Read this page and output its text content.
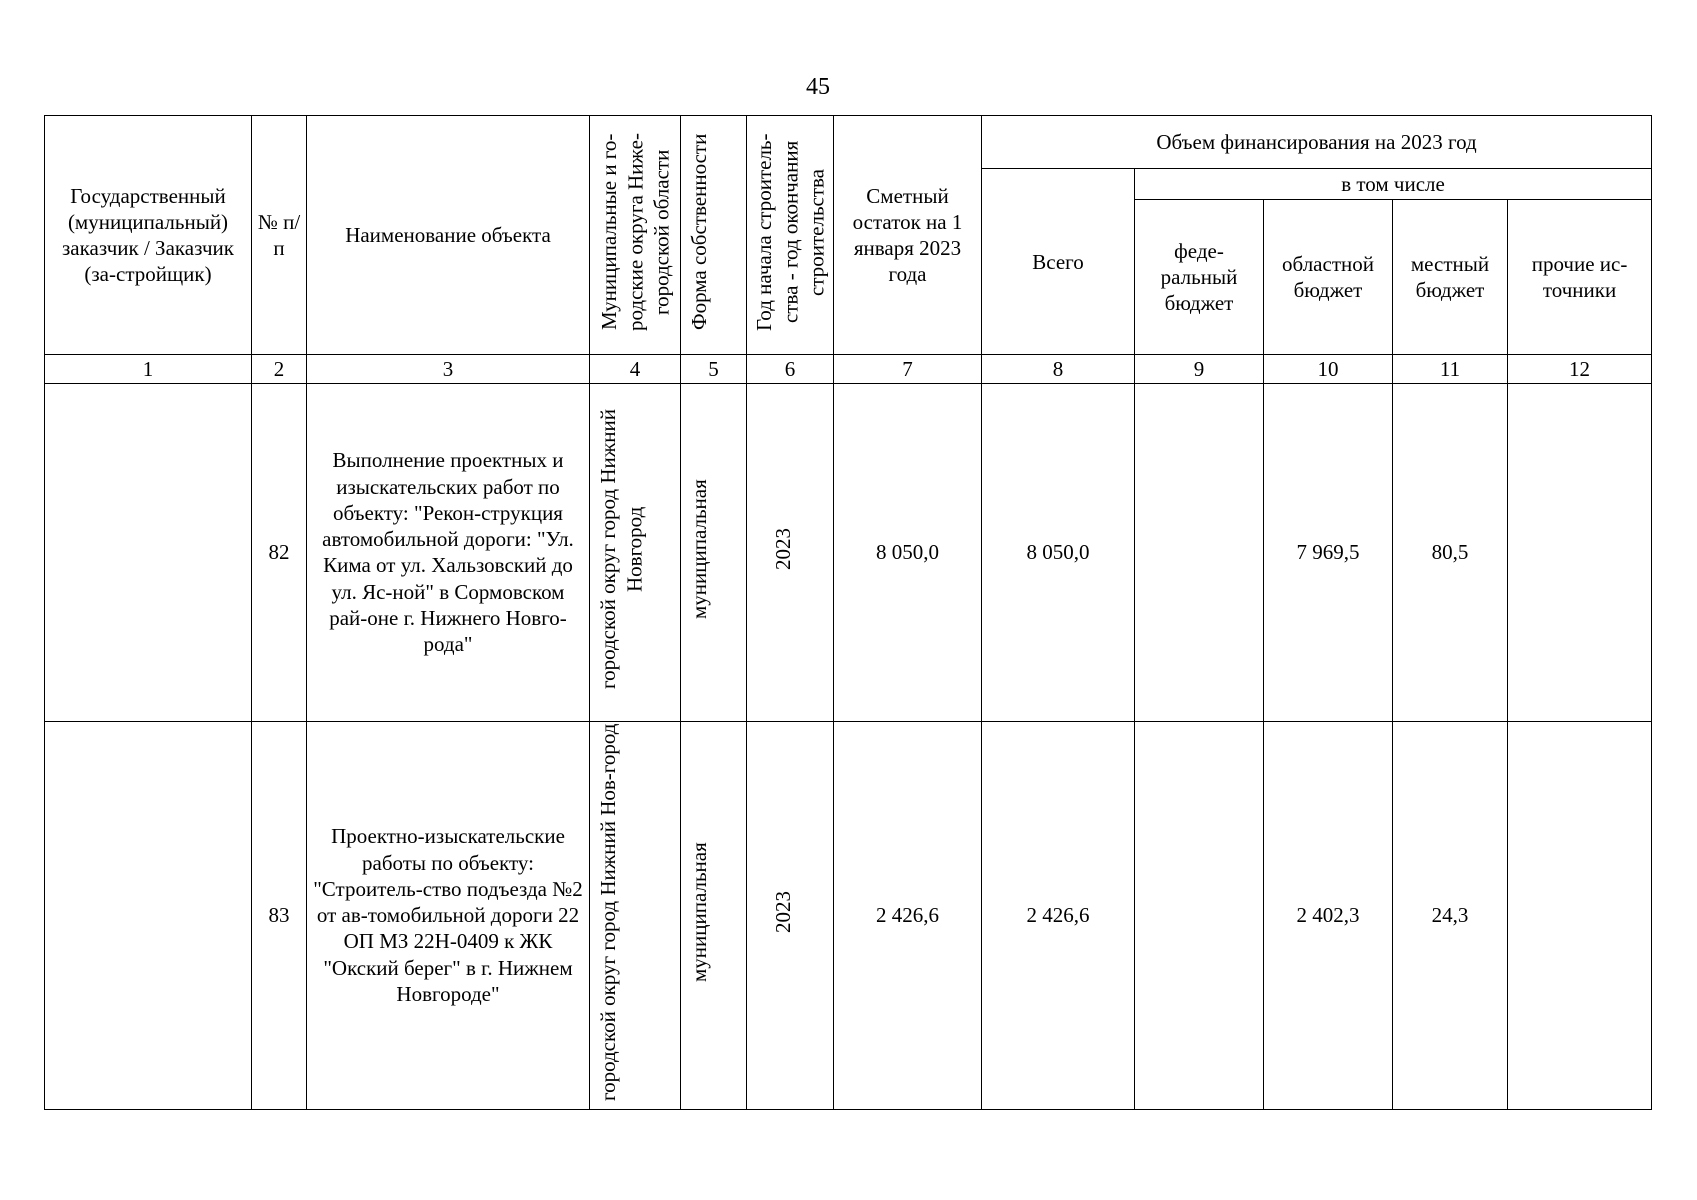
45
Государственный (муниципальный) заказчик / Заказчик (за-стройщик)	№ п/п	Наименование объекта	Муниципальные и го-родские округа Ниже-городской области	Форма собственности	Год начала строитель-ства - год окончания строительства	Сметный остаток на 1 января 2023 года	Объем финансирования на 2023 год				
							Всего	в том числе			
								феде-ральный бюджет	областной бюджет	местный бюджет	прочие ис-точники
1	2	3	4	5	6	7	8	9	10	11	12
	82	Выполнение проектных и изыскательских работ по объекту: "Рекон-струкция автомобильной дороги: "Ул. Кима от ул. Хальзовский до ул. Яс-ной" в Сормовском рай-оне г. Нижнего Новго-рода"	городской округ город Нижний Новгород	муниципальная	2023	8 050,0	8 050,0		7 969,5	80,5	
	83	Проектно-изыскательские работы по объекту: "Строитель-ство подъезда №2 от ав-томобильной дороги 22 ОП МЗ 22Н-0409 к ЖК "Окский берег" в г. Нижнем Новгороде"	городской округ город Нижний Нов-город	муниципальная	2023	2 426,6	2 426,6		2 402,3	24,3	
